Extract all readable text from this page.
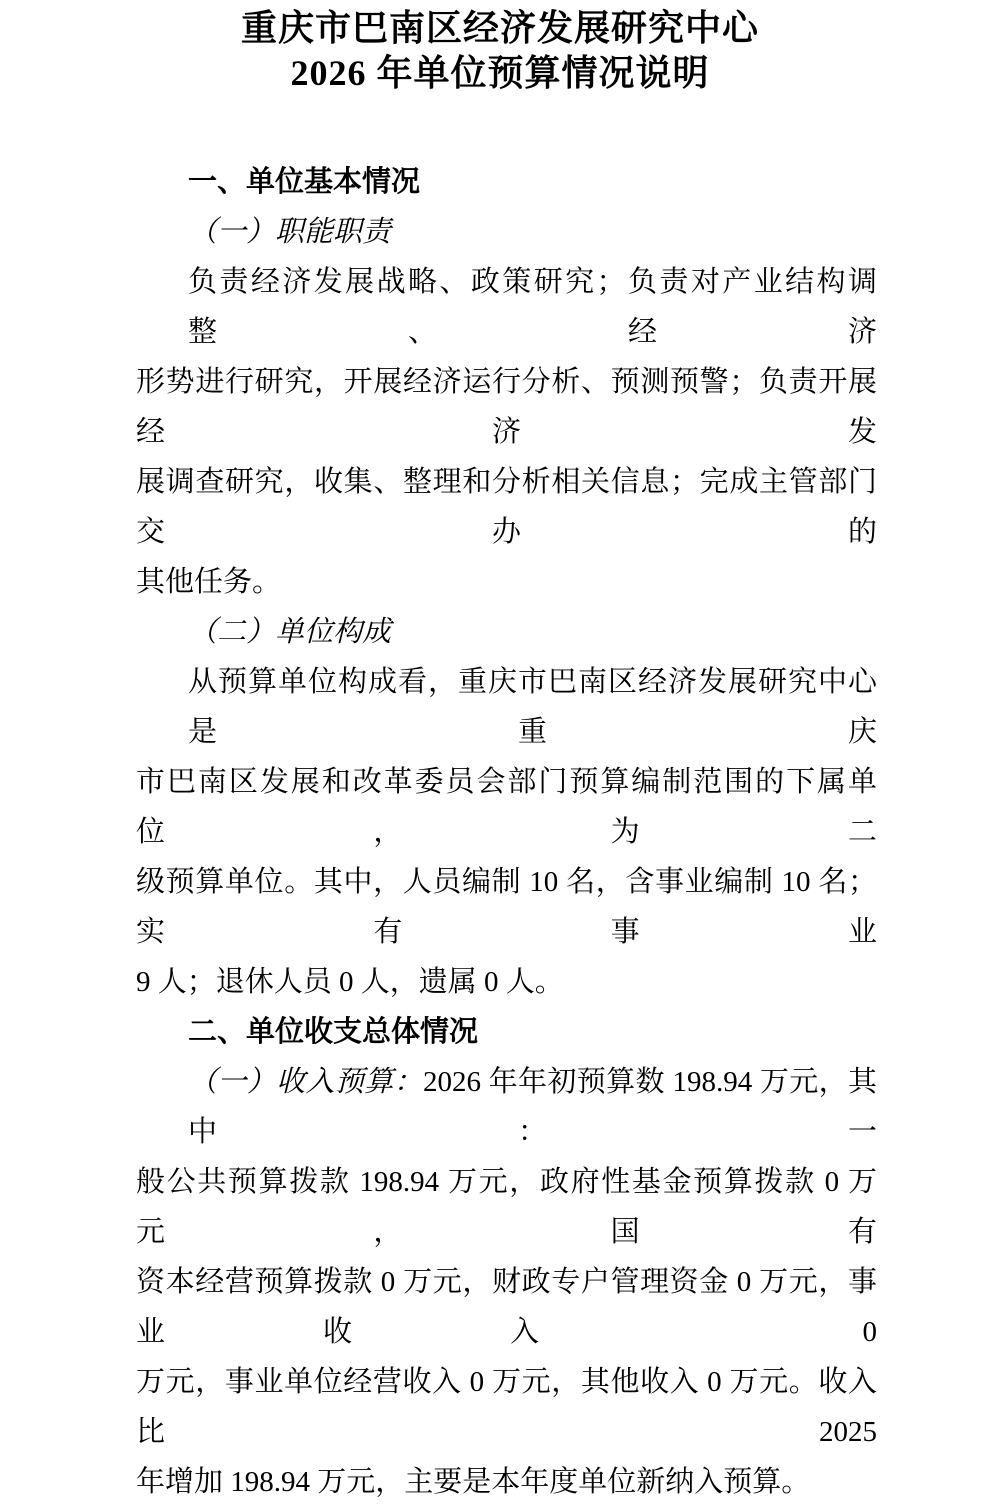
重庆市巴南区经济发展研究中心
2026 年单位预算情况说明
一、单位基本情况
（一）职能职责
负责经济发展战略、政策研究；负责对产业结构调整、经济
形势进行研究，开展经济运行分析、预测预警；负责开展经济发
展调查研究，收集、整理和分析相关信息；完成主管部门交办的
其他任务。
（二）单位构成
从预算单位构成看，重庆市巴南区经济发展研究中心是重庆
市巴南区发展和改革委员会部门预算编制范围的下属单位，为二
级预算单位。其中，人员编制 10 名，含事业编制 10 名；实有事业
9 人；退休人员 0 人，遗属 0 人。
二、单位收支总体情况
（一）收入预算：2026 年年初预算数 198.94 万元，其中：一
般公共预算拨款 198.94 万元，政府性基金预算拨款 0 万元，国有
资本经营预算拨款 0 万元，财政专户管理资金 0 万元，事业收入 0
万元，事业单位经营收入 0 万元，其他收入 0 万元。收入比 2025
年增加 198.94 万元，主要是本年度单位新纳入预算。
